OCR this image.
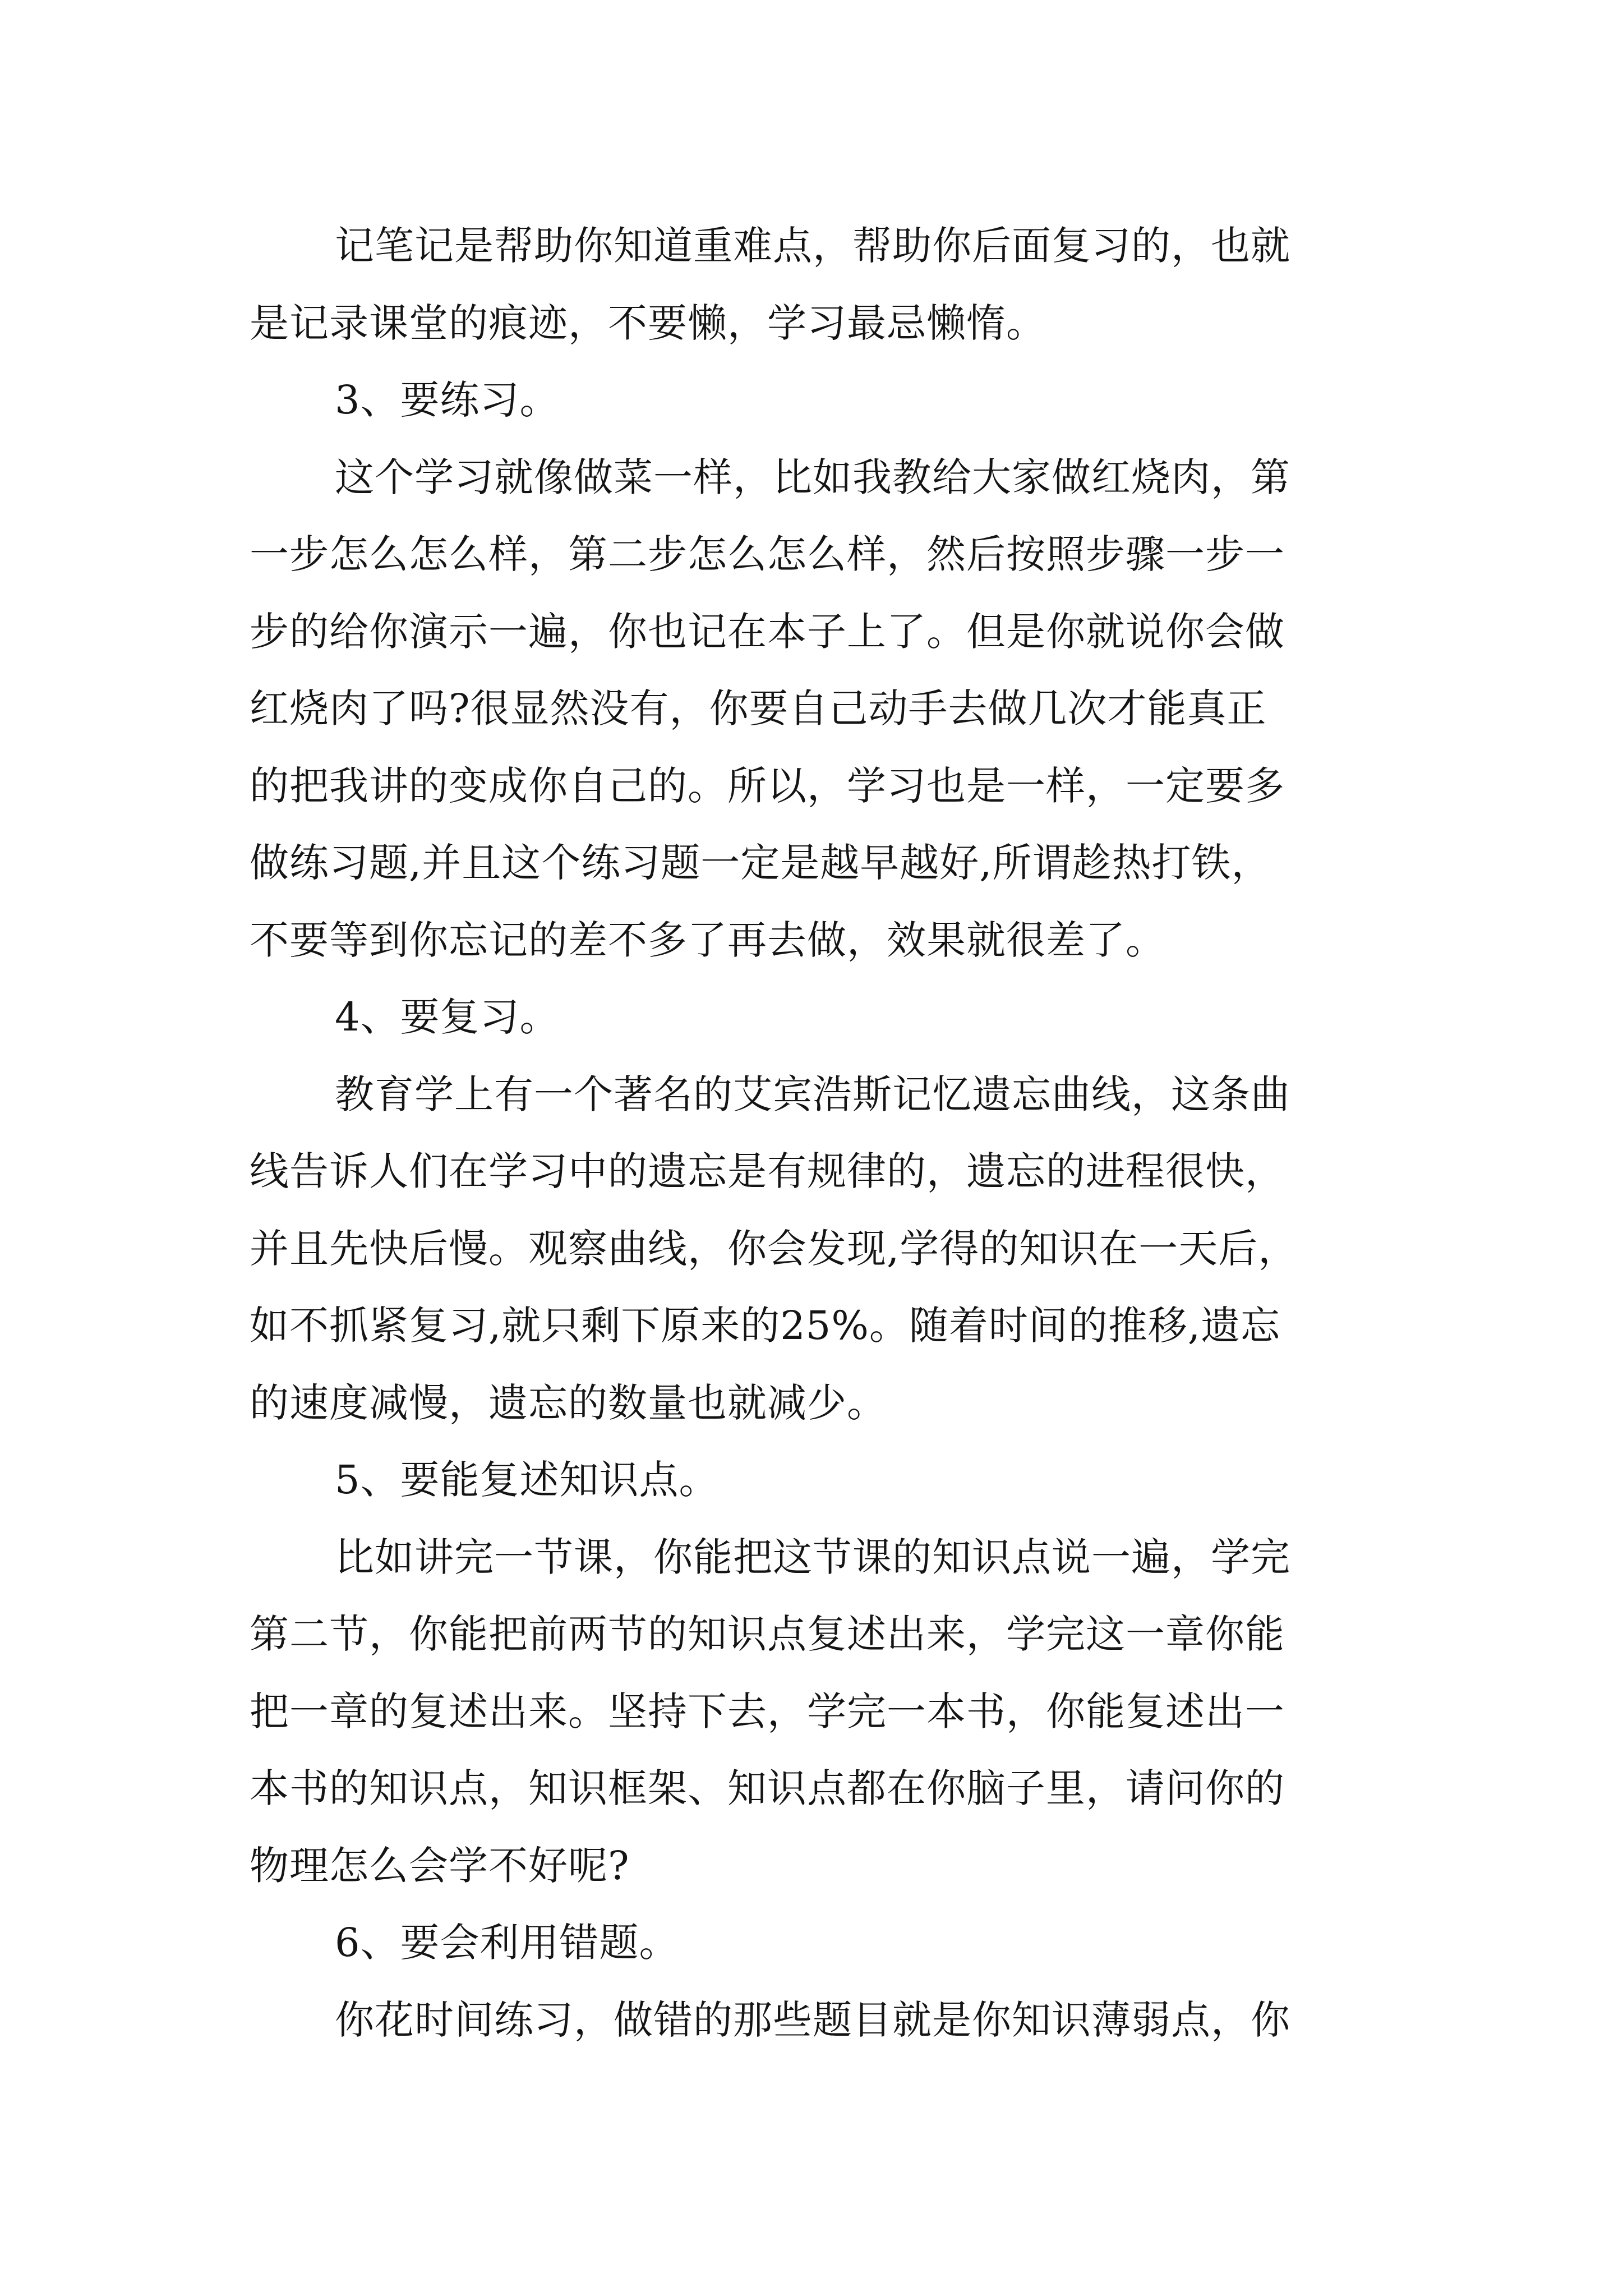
记笔记是帮助你知道重难点，帮助你后面复习的，也就
是记录课堂的痕迹，不要懒，学习最忌懒惰。
3、要练习。
这个学习就像做菜一样，比如我教给大家做红烧肉，第
一步怎么怎么样，第二步怎么怎么样，然后按照步骤一步一
步的给你演示一遍，你也记在本子上了。但是你就说你会做
红烧肉了吗?很显然没有，你要自己动手去做几次才能真正
的把我讲的变成你自己的。所以，学习也是一样，一定要多
做练习题,并且这个练习题一定是越早越好,所谓趁热打铁，
不要等到你忘记的差不多了再去做，效果就很差了。
4、要复习。
教育学上有一个著名的艾宾浩斯记忆遗忘曲线，这条曲
线告诉人们在学习中的遗忘是有规律的，遗忘的进程很快，
并且先快后慢。观察曲线，你会发现,学得的知识在一天后，
如不抓紧复习,就只剩下原来的25%。随着时间的推移,遗忘
的速度减慢，遗忘的数量也就减少。
5、要能复述知识点。
比如讲完一节课，你能把这节课的知识点说一遍，学完
第二节，你能把前两节的知识点复述出来，学完这一章你能
把一章的复述出来。坚持下去，学完一本书，你能复述出一
本书的知识点，知识框架、知识点都在你脑子里，请问你的
物理怎么会学不好呢?
6、要会利用错题。
你花时间练习，做错的那些题目就是你知识薄弱点，你
